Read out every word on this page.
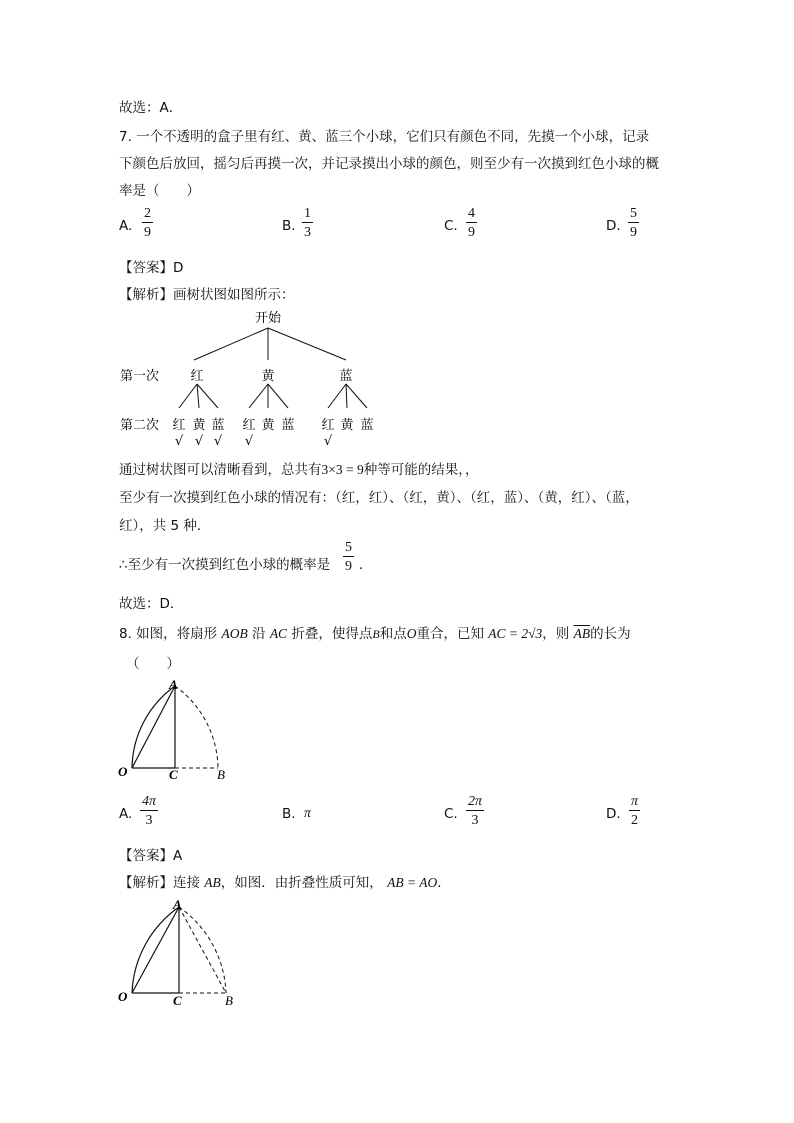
故选：A．
7. 一个不透明的盒子里有红、黄、蓝三个小球，它们只有颜色不同，先摸一个小球，记录
下颜色后放回，摇匀后再摸一次，并记录摸出小球的颜色，则至少有一次摸到红色小球的概
率是（　　）
A.
2
9	B.
1
3	C.
4
9	D.
5
9
【答案】D
【解析】画树状图如图所示：
开始
第一次 红	黄	蓝
第二次 红 黄 蓝 红 黄 蓝 红 黄 蓝
√ √ √ √	√
通过树状图可以清晰看到，总共有3×3 = 9种等可能的结果，，
至少有一次摸到红色小球的情况有：（红，红）、（红，黄）、（红，蓝）、（黄，红）、（蓝，
红），共 5 种．
∴至少有一次摸到红色小球的概率是
5
9 ．
故选：D．
8. 如图，将扇形 AOB 沿 AC 折叠，使得点B和点O重合，已知 AC = 2√3，则 $\overline{AB}$的长为
（　　）
A
O	C	B
A.
4π
3	B. π	C.
2π
3	D.
π
2
【答案】A
【解析】连接 AB，如图．由折叠性质可知， AB = AO．
A
O	C	B
